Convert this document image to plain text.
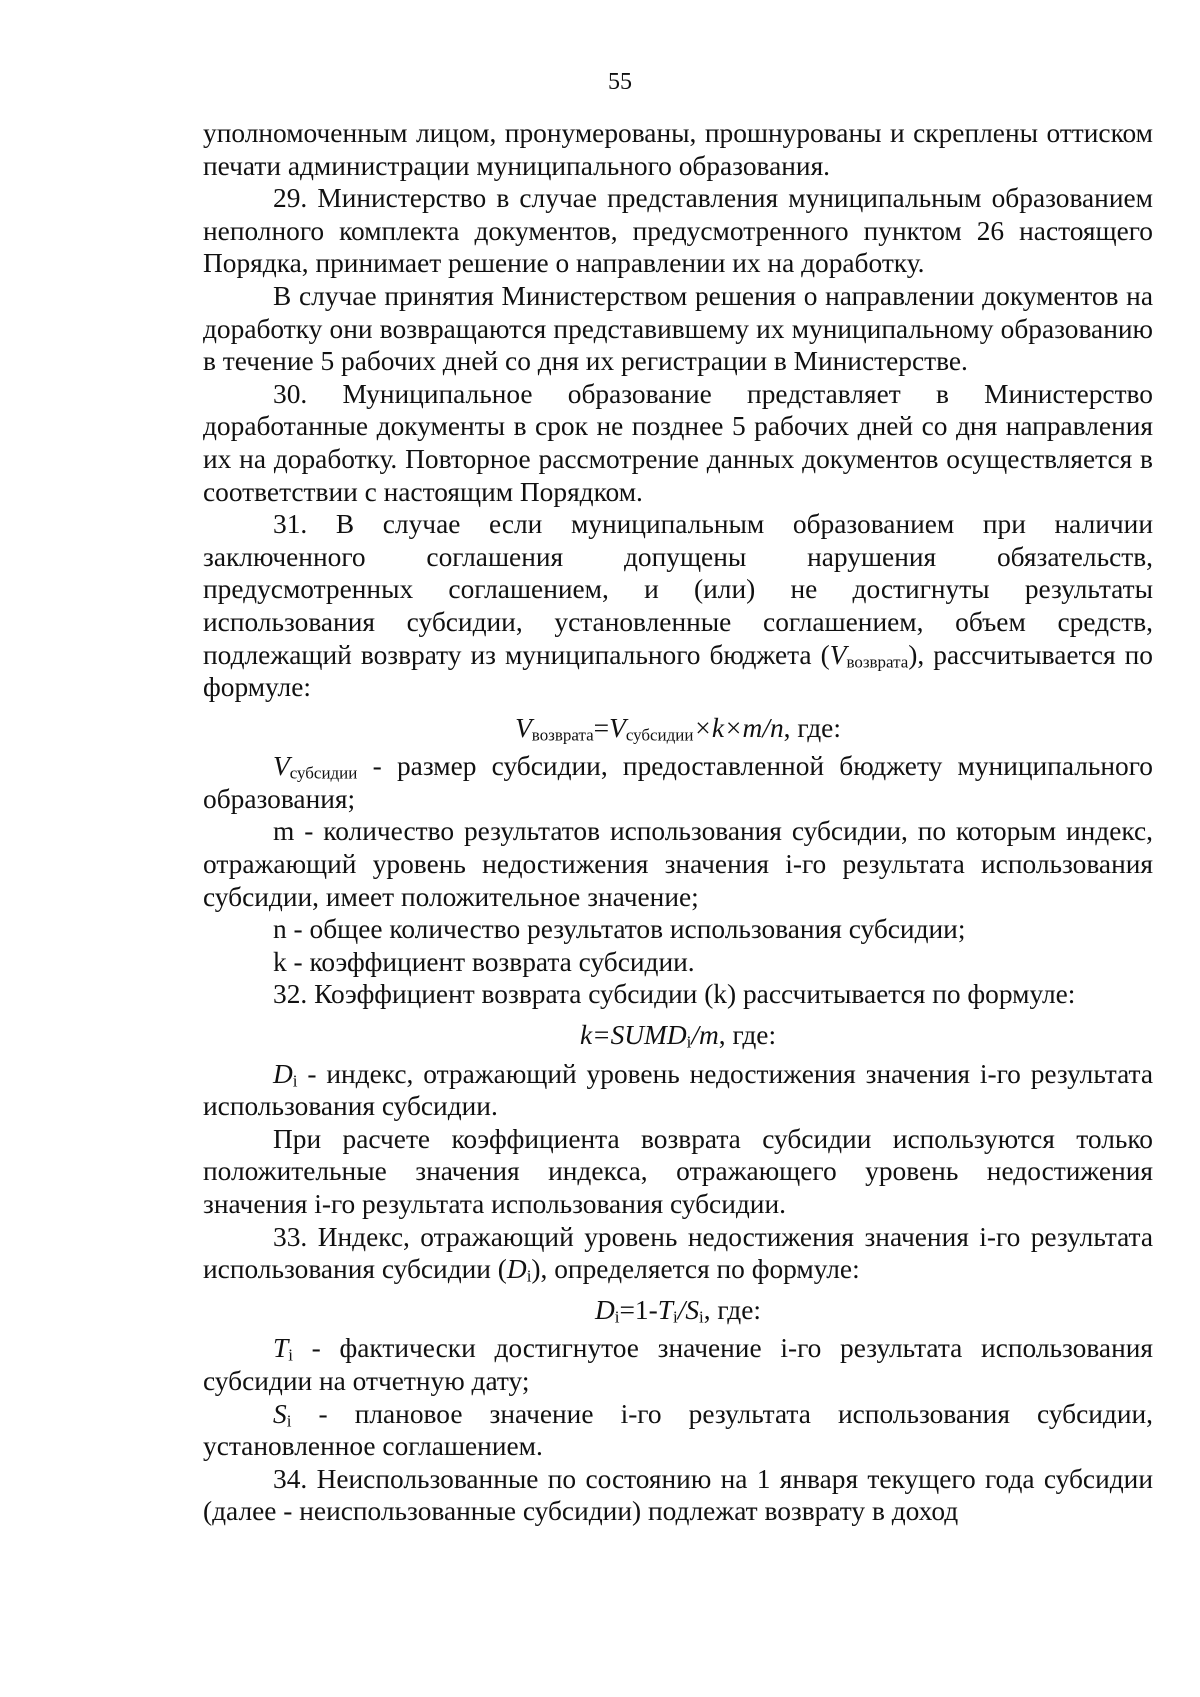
55

уполномоченным лицом, пронумерованы, прошнурованы и скреплены оттиском печати администрации муниципального образования.

29. Министерство в случае представления муниципальным образованием неполного комплекта документов, предусмотренного пунктом 26 настоящего Порядка, принимает решение о направлении их на доработку.

В случае принятия Министерством решения о направлении документов на доработку они возвращаются представившему их муниципальному образованию в течение 5 рабочих дней со дня их регистрации в Министерстве.

30. Муниципальное образование представляет в Министерство доработанные документы в срок не позднее 5 рабочих дней со дня направления их на доработку. Повторное рассмотрение данных документов осуществляется в соответствии с настоящим Порядком.

31. В случае если муниципальным образованием при наличии заключенного соглашения допущены нарушения обязательств, предусмотренных соглашением, и (или) не достигнуты результаты использования субсидии, установленные соглашением, объем средств, подлежащий возврату из муниципального бюджета $(V_{возврата})$, рассчитывается по формуле:

$V_{возврата}=V_{субсидии}\times k\times m/n$, где:

$V_{субсидии}$ - размер субсидии, предоставленной бюджету муниципального образования;

m - количество результатов использования субсидии, по которым индекс, отражающий уровень недостижения значения i-го результата использования субсидии, имеет положительное значение;

n - общее количество результатов использования субсидии;

k - коэффициент возврата субсидии.

32. Коэффициент возврата субсидии (k) рассчитывается по формуле:

$k=SUMD_i/m$, где:

$D_i$ - индекс, отражающий уровень недостижения значения i-го результата использования субсидии.

При расчете коэффициента возврата субсидии используются только положительные значения индекса, отражающего уровень недостижения значения i-го результата использования субсидии.

33. Индекс, отражающий уровень недостижения значения i-го результата использования субсидии $(D_i)$, определяется по формуле:

$D_i=1-T_i/S_i$, где:

$T_i$ - фактически достигнутое значение i-го результата использования субсидии на отчетную дату;

$S_i$ - плановое значение i-го результата использования субсидии, установленное соглашением.

34. Неиспользованные по состоянию на 1 января текущего года субсидии (далее - неиспользованные субсидии) подлежат возврату в доход
